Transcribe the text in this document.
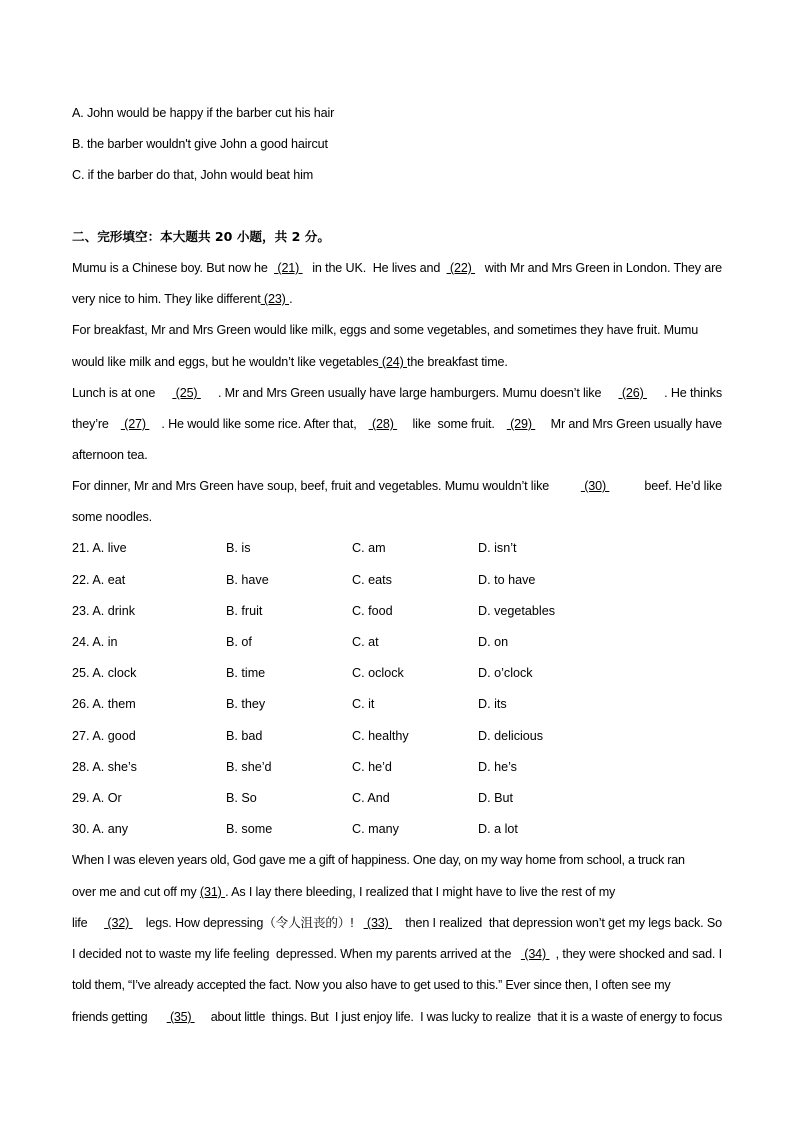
A. John would be happy if the barber cut his hair
B. the barber wouldn't give John a good haircut
C. if the barber do that, John would beat him
二、完形填空：本大题共 20 小题，共 2 分。
Mumu is a Chinese boy. But now he (21) in the UK.  He lives and (22) with Mr and Mrs Green in London. They are
very nice to him. They like different (23) .
For breakfast, Mr and Mrs Green would like milk, eggs and some vegetables, and sometimes they have fruit. Mumu
would like milk and eggs, but he wouldn’t like vegetables (24) the breakfast time.
Lunch is at one (25) . Mr and Mrs Green usually have large hamburgers. Mumu doesn’t like (26) . He thinks
they’re (27) . He would like some rice. After that, (28) like  some fruit. (29) Mr and Mrs Green usually have
afternoon tea.
For dinner, Mr and Mrs Green have soup, beef, fruit and vegetables. Mumu wouldn’t like	(30)	beef. He’d like
some noodles.
21. A. live	B. is	C. am	D. isn’t
22. A. eat	B. have	C. eats	D. to have
23. A. drink	B. fruit	C. food	D. vegetables
24. A. in	B. of	C. at	D. on
25. A. clock	B. time	C. oclock	D. o’clock
26. A. them	B. they	C. it	D. its
27. A. good	B. bad	C. healthy	D. delicious
28. A. she’s	B. she’d	C. he’d	D. he’s
29. A. Or	B. So	C. And	D. But
30. A. any	B. some	C. many	D. a lot
When I was eleven years old, God gave me a gift of happiness. One day, on my way home from school, a truck ran
over me and cut off my (31) . As I lay there bleeding, I realized that I might have to live the rest of my
life (32) legs. How depressing（令人沮丧的）! (33) then I realized  that depression won’t get my legs back. So
I decided not to waste my life feeling  depressed. When my parents arrived at the (34) , they were shocked and sad. I
told them, “I’ve already accepted the fact. Now you also have to get used to this.” Ever since then, I often see my
friends getting (35) about little  things. But  I just enjoy life.  I was lucky to realize  that it is a waste of energy to focus
